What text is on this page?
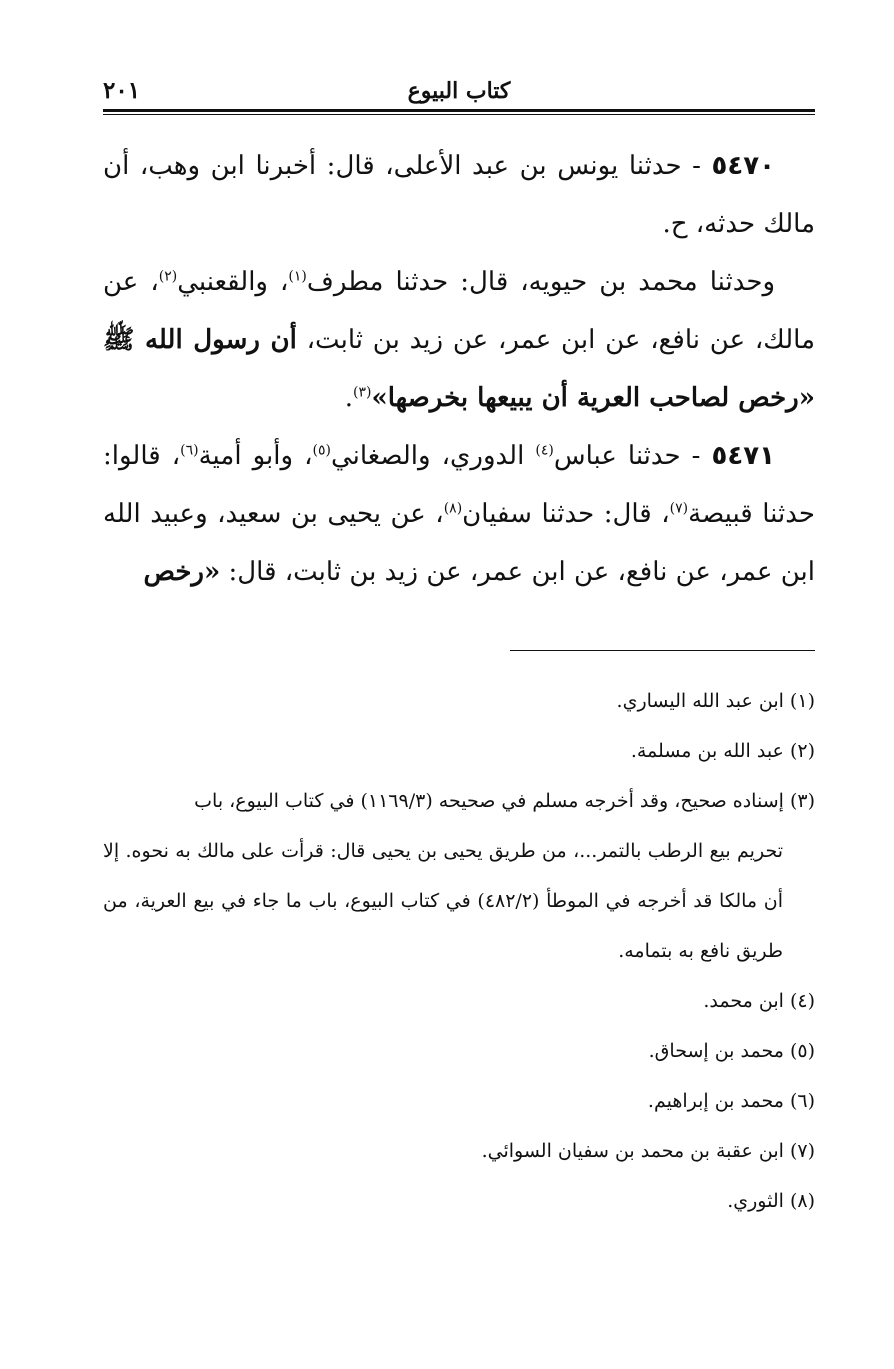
كتاب البيوع
٢٠١

٥٤٧٠ - حدثنا يونس بن عبد الأعلى، قال: أخبرنا ابن وهب، أن مالك حدثه، ح.

وحدثنا محمد بن حيويه، قال: حدثنا مطرف$^{(١)}$، والقعنبي$^{(٢)}$، عن مالك، عن نافع، عن ابن عمر، عن زيد بن ثابت، أن رسول الله ﷺ «رخص لصاحب العرية أن يبيعها بخرصها»$^{(٣)}$.

٥٤٧١ - حدثنا عباس$^{(٤)}$ الدوري، والصغاني$^{(٥)}$، وأبو أمية$^{(٦)}$، قالوا: حدثنا قبيصة$^{(٧)}$، قال: حدثنا سفيان$^{(٨)}$، عن يحيى بن سعيد، وعبيد الله ابن عمر، عن نافع، عن ابن عمر، عن زيد بن ثابت، قال: «رخص

(١) ابن عبد الله اليساري.

(٢) عبد الله بن مسلمة.

(٣) إسناده صحيح، وقد أخرجه مسلم في صحيحه (١١٦٩/٣) في كتاب البيوع، باب

تحريم بيع الرطب بالتمر...، من طريق يحيى بن يحيى قال: قرأت على مالك به نحوه. إلا أن مالكا قد أخرجه في الموطأ (٤٨٢/٢) في كتاب البيوع، باب ما جاء في بيع العرية، من طريق نافع به بتمامه.

(٤) ابن محمد.

(٥) محمد بن إسحاق.

(٦) محمد بن إبراهيم.

(٧) ابن عقبة بن محمد بن سفيان السوائي.

(٨) الثوري.
